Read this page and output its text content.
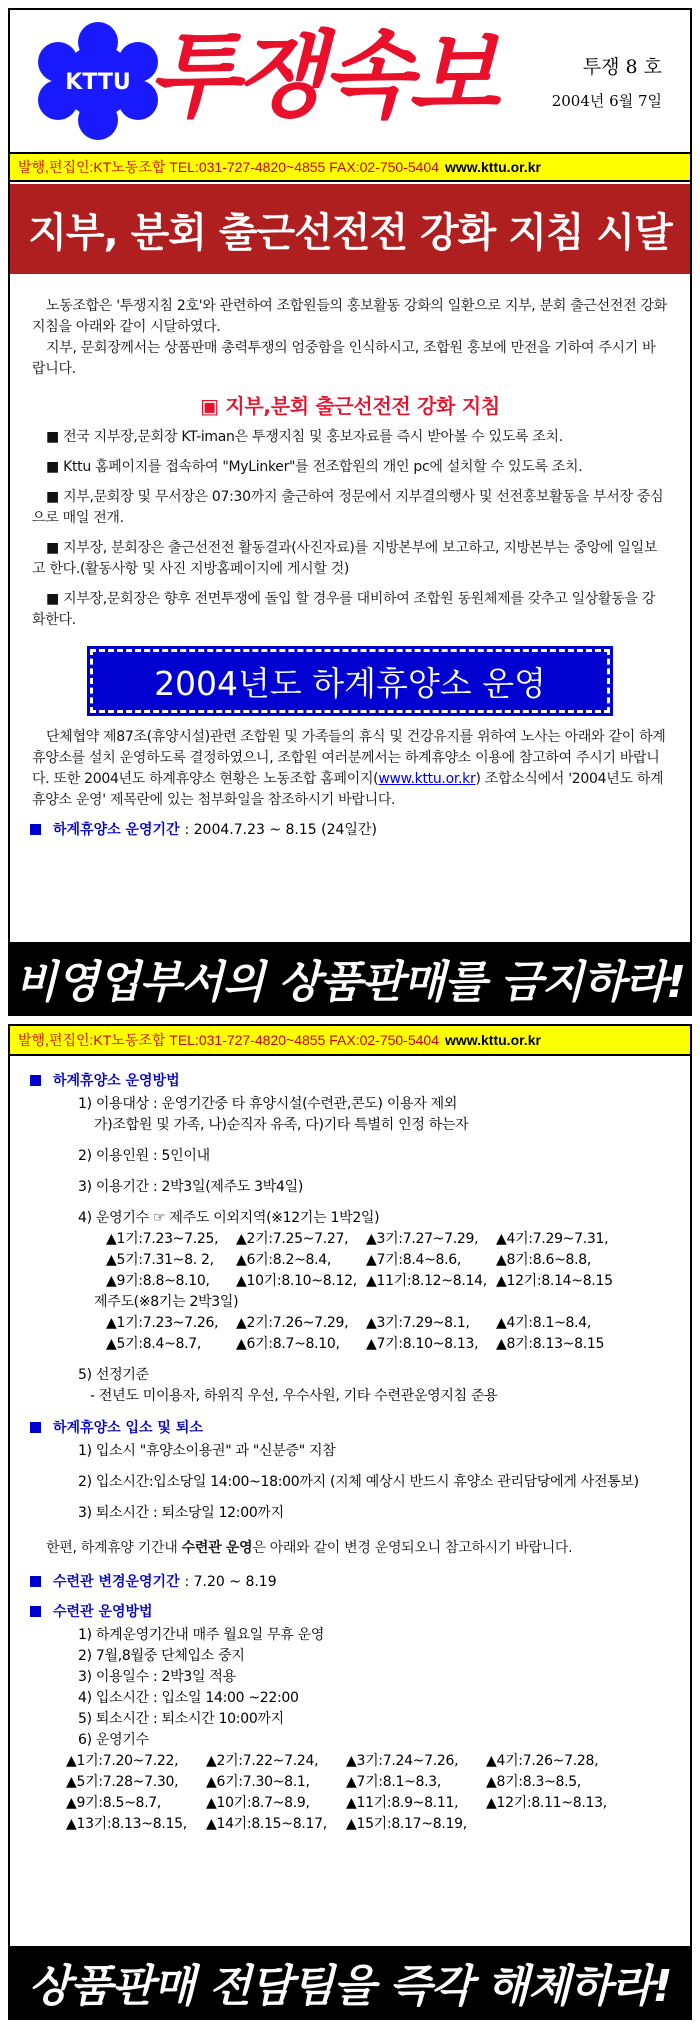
KTTU 투쟁속보	투쟁 8 호
2004년 6월 7일
발행,편집인:KT노동조합 TEL:031-727-4820~4855 FAX:02-750-5404 www.kttu.or.kr
지부, 분회 출근선전전 강화 지침 시달

노동조합은 '투쟁지침 2호'와 관련하여 조합원들의 홍보활동 강화의 일환으로 지부, 분회 출근선전전 강화 지침을 아래와 같이 시달하였다.

지부, 문회장께서는 상품판매 총력투쟁의 엄중함을 인식하시고, 조합원 홍보에 만전을 기하여 주시기 바랍니다.

▣ 지부,분회 출근선전전 강화 지침

■ 전국 지부장,문회장 KT-iman은 투쟁지침 및 홍보자료를 즉시 받아볼 수 있도록 조치.

■ Kttu 홈페이지를 접속하여 "MyLinker"를 전조합원의 개인 pc에 설치할 수 있도록 조치.

■ 지부,문회장 및 무서장은 07:30까지 출근하여 정문에서 지부결의행사 및 선전홍보활동을 부서장 중심으로 매일 전개.

■ 지부장, 분회장은 출근선전전 활동결과(사진자료)를 지방본부에 보고하고, 지방본부는 중앙에 일일보고 한다.(활동사항 및 사진 지방홈페이지에 게시할 것)

■ 지부장,문회장은 향후 전면투쟁에 돌입 할 경우를 대비하여 조합원 동원체제를 갖추고 일상활동을 강화한다.

2004년도 하계휴양소 운영

단체협약 제87조(휴양시설)관련 조합원 및 가족들의 휴식 및 건강유지를 위하여 노사는 아래와 같이 하계 휴양소를 설치 운영하도록 결정하였으니, 조합원 여러분께서는 하계휴양소 이용에 참고하여 주시기 바랍니다. 또한 2004년도 하계휴양소 현황은 노동조합 홈페이지(www.kttu.or.kr) 조합소식에서 '2004년도 하계휴양소 운영' 제목란에 있는 첨부화일을 참조하시기 바랍니다.

하계휴양소 운영기간 : 2004.7.23 ~ 8.15 (24일간)
비영업부서의 상품판매를 금지하라!
발행,편집인:KT노동조합 TEL:031-727-4820~4855 FAX:02-750-5404 www.kttu.or.kr
하계휴양소 운영방법
1) 이용대상 : 운영기간중 타 휴양시설(수련관,콘도) 이용자 제외
가)조합원 및 가족, 나)순직자 유족, 다)기타 특별히 인정 하는자
2) 이용인원 : 5인이내
3) 이용기간 : 2박3일(제주도 3박4일)
4) 운영기수 ☞ 제주도 이외지역(※12기는 1박2일)
▲1기:7.23~7.25,	▲2기:7.25~7.27,	▲3기:7.27~7.29,	▲4기:7.29~7.31,
▲5기:7.31~8. 2,	▲6기:8.2~8.4,	▲7기:8.4~8.6,	▲8기:8.6~8.8,
▲9기:8.8~8.10,	▲10기:8.10~8.12, ▲11기:8.12~8.14, ▲12기:8.14~8.15
제주도(※8기는 2박3일)
▲1기:7.23~7.26,	▲2기:7.26~7.29,	▲3기:7.29~8.1,	▲4기:8.1~8.4,
▲5기:8.4~8.7,	▲6기:8.7~8.10,	▲7기:8.10~8.13,	▲8기:8.13~8.15
5) 선정기준
- 전년도 미이용자, 하위직 우선, 우수사원, 기타 수련관운영지침 준용
하계휴양소 입소 및 퇴소
1) 입소시 "휴양소이용권" 과 "신분증" 지참
2) 입소시간:입소당일 14:00~18:00까지 (지체 예상시 반드시 휴양소 관리담당에게 사전통보)
3) 퇴소시간 : 퇴소당일 12:00까지

한편, 하계휴양 기간내 수련관 운영은 아래와 같이 변경 운영되오니 참고하시기 바랍니다.

수련관 변경운영기간 : 7.20 ~ 8.19
수련관 운영방법
1) 하계운영기간내 매주 월요일 무휴 운영
2) 7월,8월중 단체입소 중지
3) 이용일수 : 2박3일 적용
4) 입소시간 : 입소일 14:00 ~22:00
5) 퇴소시간 : 퇴소시간 10:00까지
6) 운영기수
▲1기:7.20~7.22,	▲2기:7.22~7.24,	▲3기:7.24~7.26,	▲4기:7.26~7.28,
▲5기:7.28~7.30,	▲6기:7.30~8.1,	▲7기:8.1~8.3,	▲8기:8.3~8.5,
▲9기:8.5~8.7,	▲10기:8.7~8.9,	▲11기:8.9~8.11,	▲12기:8.11~8.13,
▲13기:8.13~8.15,	▲14기:8.15~8.17,	▲15기:8.17~8.19,
상품판매 전담팀을 즉각 해체하라!
